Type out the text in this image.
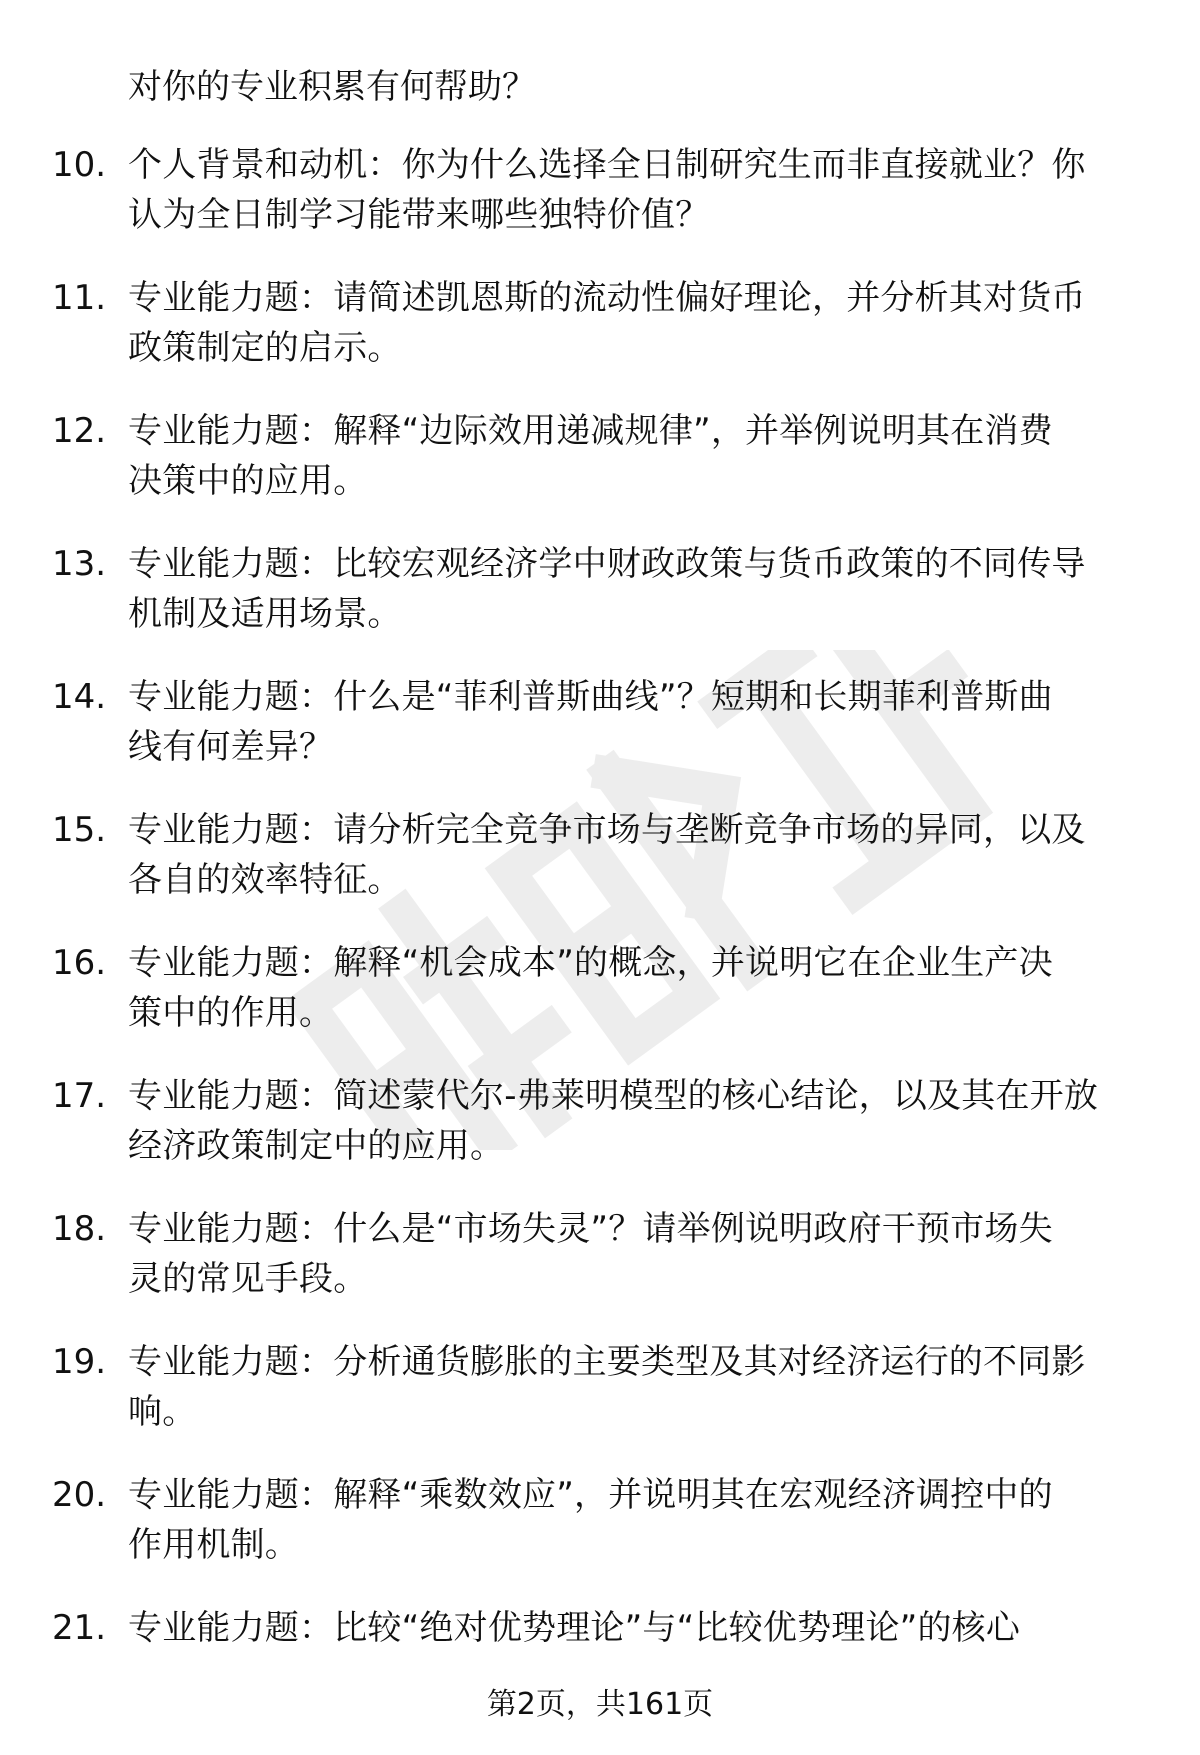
对你的专业积累有何帮助？
10. 个人背景和动机：你为什么选择全日制研究生而非直接就业？你
认为全日制学习能带来哪些独特价值？
11. 专业能力题：请简述凯恩斯的流动性偏好理论，并分析其对货币
政策制定的启示。
12. 专业能力题：解释“边际效用递减规律”，并举例说明其在消费
决策中的应用。
13. 专业能力题：比较宏观经济学中财政政策与货币政策的不同传导
机制及适用场景。
14. 专业能力题：什么是“菲利普斯曲线”？短期和长期菲利普斯曲
线有何差异？
15. 专业能力题：请分析完全竞争市场与垄断竞争市场的异同，以及
各自的效率特征。
16. 专业能力题：解释“机会成本”的概念，并说明它在企业生产决
策中的作用。
17. 专业能力题：简述蒙代尔-弗莱明模型的核心结论，以及其在开放
经济政策制定中的应用。
18. 专业能力题：什么是“市场失灵”？请举例说明政府干预市场失
灵的常见手段。
19. 专业能力题：分析通货膨胀的主要类型及其对经济运行的不同影
响。
20. 专业能力题：解释“乘数效应”，并说明其在宏观经济调控中的
作用机制。
21. 专业能力题：比较“绝对优势理论”与“比较优势理论”的核心
第2页，共161页
